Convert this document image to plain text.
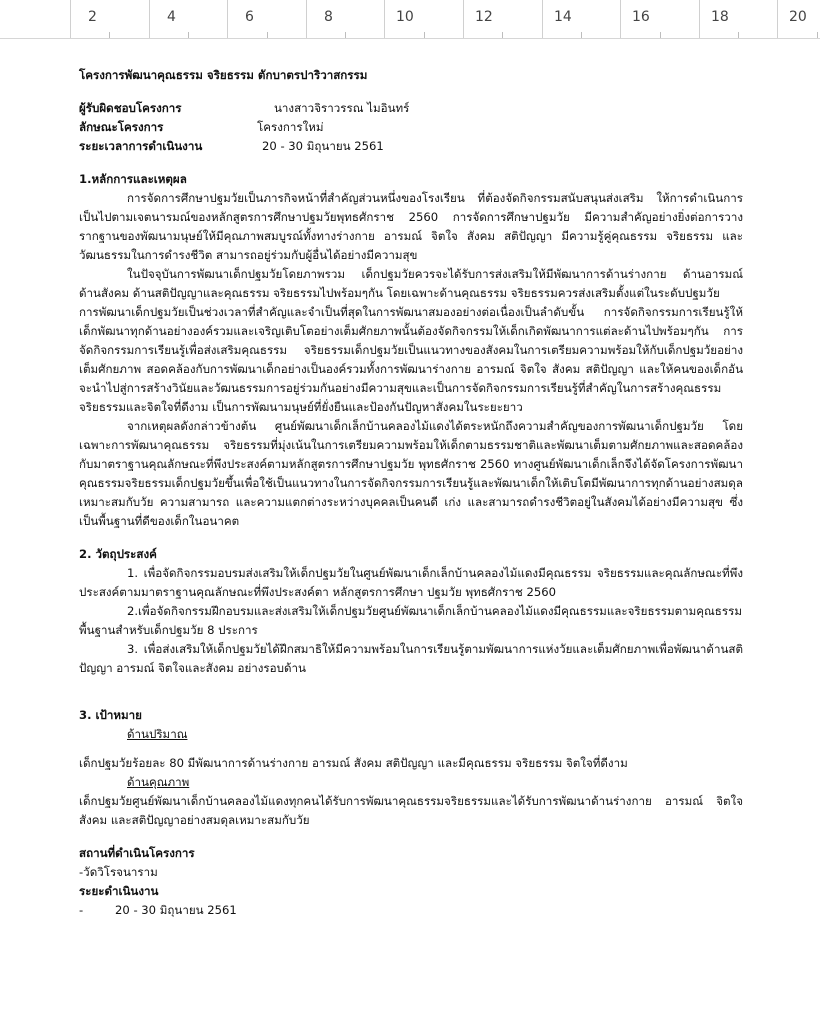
2	4	6	8	10	12	14	16	18	20
โครงการพัฒนาคุณธรรม จริยธรรม ตักบาตรปาริวาสกรรม
ผู้รับผิดชอบโครงการ	นางสาวจิราวรรณ ไมอินทร์
ลักษณะโครงการ	โครงการใหม่
ระยะเวลาการดำเนินงาน	20 - 30 มิถุนายน 2561
1.หลักการและเหตุผล
การจัดการศึกษาปฐมวัยเป็นภารกิจหน้าที่สำคัญส่วนหนึ่งของโรงเรียน ที่ต้องจัดกิจกรรมสนับสนุนส่งเสริม ให้การดำเนินการเป็นไปตามเจตนารมณ์ของหลักสูตรการศึกษาปฐมวัยพุทธศักราช 2560 การจัดการศึกษาปฐมวัย มีความสำคัญอย่างยิ่งต่อการวางรากฐานของพัฒนามนุษย์ให้มีคุณภาพสมบูรณ์ทั้งทางร่างกาย อารมณ์ จิตใจ สังคม สติปัญญา มีความรู้คู่คุณธรรม จริยธรรม และวัฒนธรรมในการดำรงชีวิต สามารถอยู่ร่วมกับผู้อื่นได้อย่างมีความสุข
ในปัจจุบันการพัฒนาเด็กปฐมวัยโดยภาพรวม เด็กปฐมวัยควรจะได้รับการส่งเสริมให้มีพัฒนาการด้านร่างกาย ด้านอารมณ์ ด้านสังคม ด้านสติปัญญาและคุณธรรม จริยธรรมไปพร้อมๆกัน โดยเฉพาะด้านคุณธรรม จริยธรรมควรส่งเสริมตั้งแต่ในระดับปฐมวัย
การพัฒนาเด็กปฐมวัยเป็นช่วงเวลาที่สำคัญและจำเป็นที่สุดในการพัฒนาสมองอย่างต่อเนื่องเป็นลำดับขั้น การจัดกิจกรรมการเรียนรู้ให้เด็กพัฒนาทุกด้านอย่างองค์รวมและเจริญเติบโตอย่างเต็มศักยภาพนั้นต้องจัดกิจกรรมให้เด็กเกิดพัฒนาการแต่ละด้านไปพร้อมๆกัน การจัดกิจกรรมการเรียนรู้เพื่อส่งเสริมคุณธรรม จริยธรรมเด็กปฐมวัยเป็นแนวทางของสังคมในการเตรียมความพร้อมให้กับเด็กปฐมวัยอย่างเต็มศักยภาพ สอดคล้องกับการพัฒนาเด็กอย่างเป็นองค์รวมทั้งการพัฒนาร่างกาย อารมณ์ จิตใจ สังคม สติปัญญา และให้คนของเด็กอันจะนำไปสู่การสร้างวินัยและวัฒนธรรมการอยู่ร่วมกันอย่างมีความสุขและเป็นการจัดกิจกรรมการเรียนรู้ที่สำคัญในการสร้างคุณธรรม จริยธรรมและจิตใจที่ดีงาม เป็นการพัฒนามนุษย์ที่ยั่งยืนและป้องกันปัญหาสังคมในระยะยาว
จากเหตุผลดังกล่าวข้างต้น ศูนย์พัฒนาเด็กเล็กบ้านคลองไม้แดงได้ตระหนักถึงความสำคัญของการพัฒนาเด็กปฐมวัย โดยเฉพาะการพัฒนาคุณธรรม จริยธรรมที่มุ่งเน้นในการเตรียมความพร้อมให้เด็กตามธรรมชาติและพัฒนาเต็มตามศักยภาพและสอดคล้องกับมาตราฐานคุณลักษณะที่พึงประสงค์ตามหลักสูตรการศึกษาปฐมวัย พุทธศักราช 2560 ทางศูนย์พัฒนาเด็กเล็กจึงได้จัดโครงการพัฒนาคุณธรรมจริยธรรมเด็กปฐมวัยขึ้นเพื่อใช้เป็นแนวทางในการจัดกิจกรรมการเรียนรู้และพัฒนาเด็กให้เติบโตมีพัฒนาการทุกด้านอย่างสมดุล เหมาะสมกับวัย ความสามารถ และความแตกต่างระหว่างบุคคลเป็นคนดี เก่ง และสามารถดำรงชีวิตอยู่ในสังคมได้อย่างมีความสุข ซึ่งเป็นพื้นฐานที่ดีของเด็กในอนาคต
2. วัตถุประสงค์
1. เพื่อจัดกิจกรรมอบรมส่งเสริมให้เด็กปฐมวัยในศูนย์พัฒนาเด็กเล็กบ้านคลองไม้แดงมีคุณธรรม จริยธรรมและคุณลักษณะที่พึงประสงค์ตามมาตราฐานคุณลักษณะที่พึงประสงค์ตา หลักสูตรการศึกษา ปฐมวัย พุทธศักราช 2560
2.เพื่อจัดกิจกรรมฝึกอบรมและส่งเสริมให้เด็กปฐมวัยศูนย์พัฒนาเด็กเล็กบ้านคลองไม้แดงมีคุณธรรมและจริยธรรมตามคุณธรรมพื้นฐานสำหรับเด็กปฐมวัย 8 ประการ
3. เพื่อส่งเสริมให้เด็กปฐมวัยได้ฝึกสมาธิให้มีความพร้อมในการเรียนรู้ตามพัฒนาการแห่งวัยและเต็มศักยภาพเพื่อพัฒนาด้านสติปัญญา อารมณ์ จิตใจและสังคม อย่างรอบด้าน
3. เป้าหมาย
ด้านปริมาณ
เด็กปฐมวัยร้อยละ 80 มีพัฒนาการด้านร่างกาย อารมณ์ สังคม สติปัญญา และมีคุณธรรม จริยธรรม จิตใจที่ดีงาม
ด้านคุณภาพ
เด็กปฐมวัยศูนย์พัฒนาเด็กบ้านคลองไม้แดงทุกคนได้รับการพัฒนาคุณธรรมจริยธรรมและได้รับการพัฒนาด้านร่างกาย อารมณ์ จิตใจ สังคม และสติปัญญาอย่างสมดุลเหมาะสมกับวัย
สถานที่ดำเนินโครงการ
-วัดวิโรจนาราม
ระยะดำเนินงาน
-	20 - 30 มิถุนายน 2561
